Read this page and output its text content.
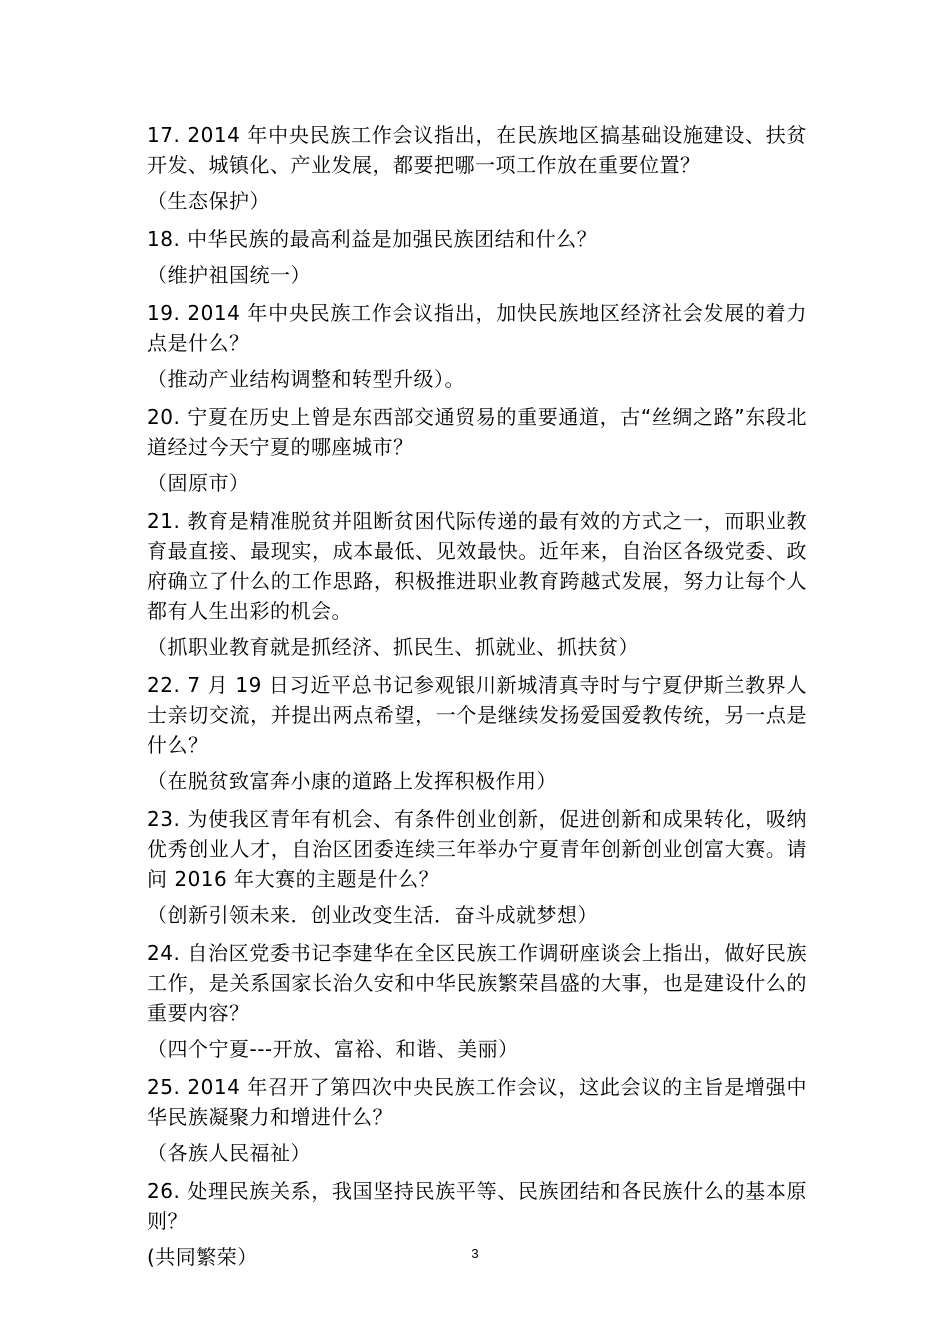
17. 2014 年中央民族工作会议指出，在民族地区搞基础设施建设、扶贫开发、城镇化、产业发展，都要把哪一项工作放在重要位置？

（生态保护）

18. 中华民族的最高利益是加强民族团结和什么？

（维护祖国统一）

19. 2014 年中央民族工作会议指出，加快民族地区经济社会发展的着力点是什么？

（推动产业结构调整和转型升级）。

20. 宁夏在历史上曾是东西部交通贸易的重要通道，古“丝绸之路”东段北道经过今天宁夏的哪座城市？

（固原市）

21. 教育是精准脱贫并阻断贫困代际传递的最有效的方式之一，而职业教育最直接、最现实，成本最低、见效最快。近年来，自治区各级党委、政府确立了什么的工作思路，积极推进职业教育跨越式发展，努力让每个人都有人生出彩的机会。

（抓职业教育就是抓经济、抓民生、抓就业、抓扶贫）

22. 7 月 19 日习近平总书记参观银川新城清真寺时与宁夏伊斯兰教界人士亲切交流，并提出两点希望，一个是继续发扬爱国爱教传统，另一点是什么？

（在脱贫致富奔小康的道路上发挥积极作用）

23. 为使我区青年有机会、有条件创业创新，促进创新和成果转化，吸纳优秀创业人才，自治区团委连续三年举办宁夏青年创新创业创富大赛。请问 2016 年大赛的主题是什么？

（创新引领未来．创业改变生活．奋斗成就梦想）

24. 自治区党委书记李建华在全区民族工作调研座谈会上指出，做好民族工作，是关系国家长治久安和中华民族繁荣昌盛的大事，也是建设什么的重要内容？

（四个宁夏---开放、富裕、和谐、美丽）

25. 2014 年召开了第四次中央民族工作会议，这此会议的主旨是增强中华民族凝聚力和增进什么？

（各族人民福祉）

26. 处理民族关系，我国坚持民族平等、民族团结和各民族什么的基本原则？

(共同繁荣）	3
